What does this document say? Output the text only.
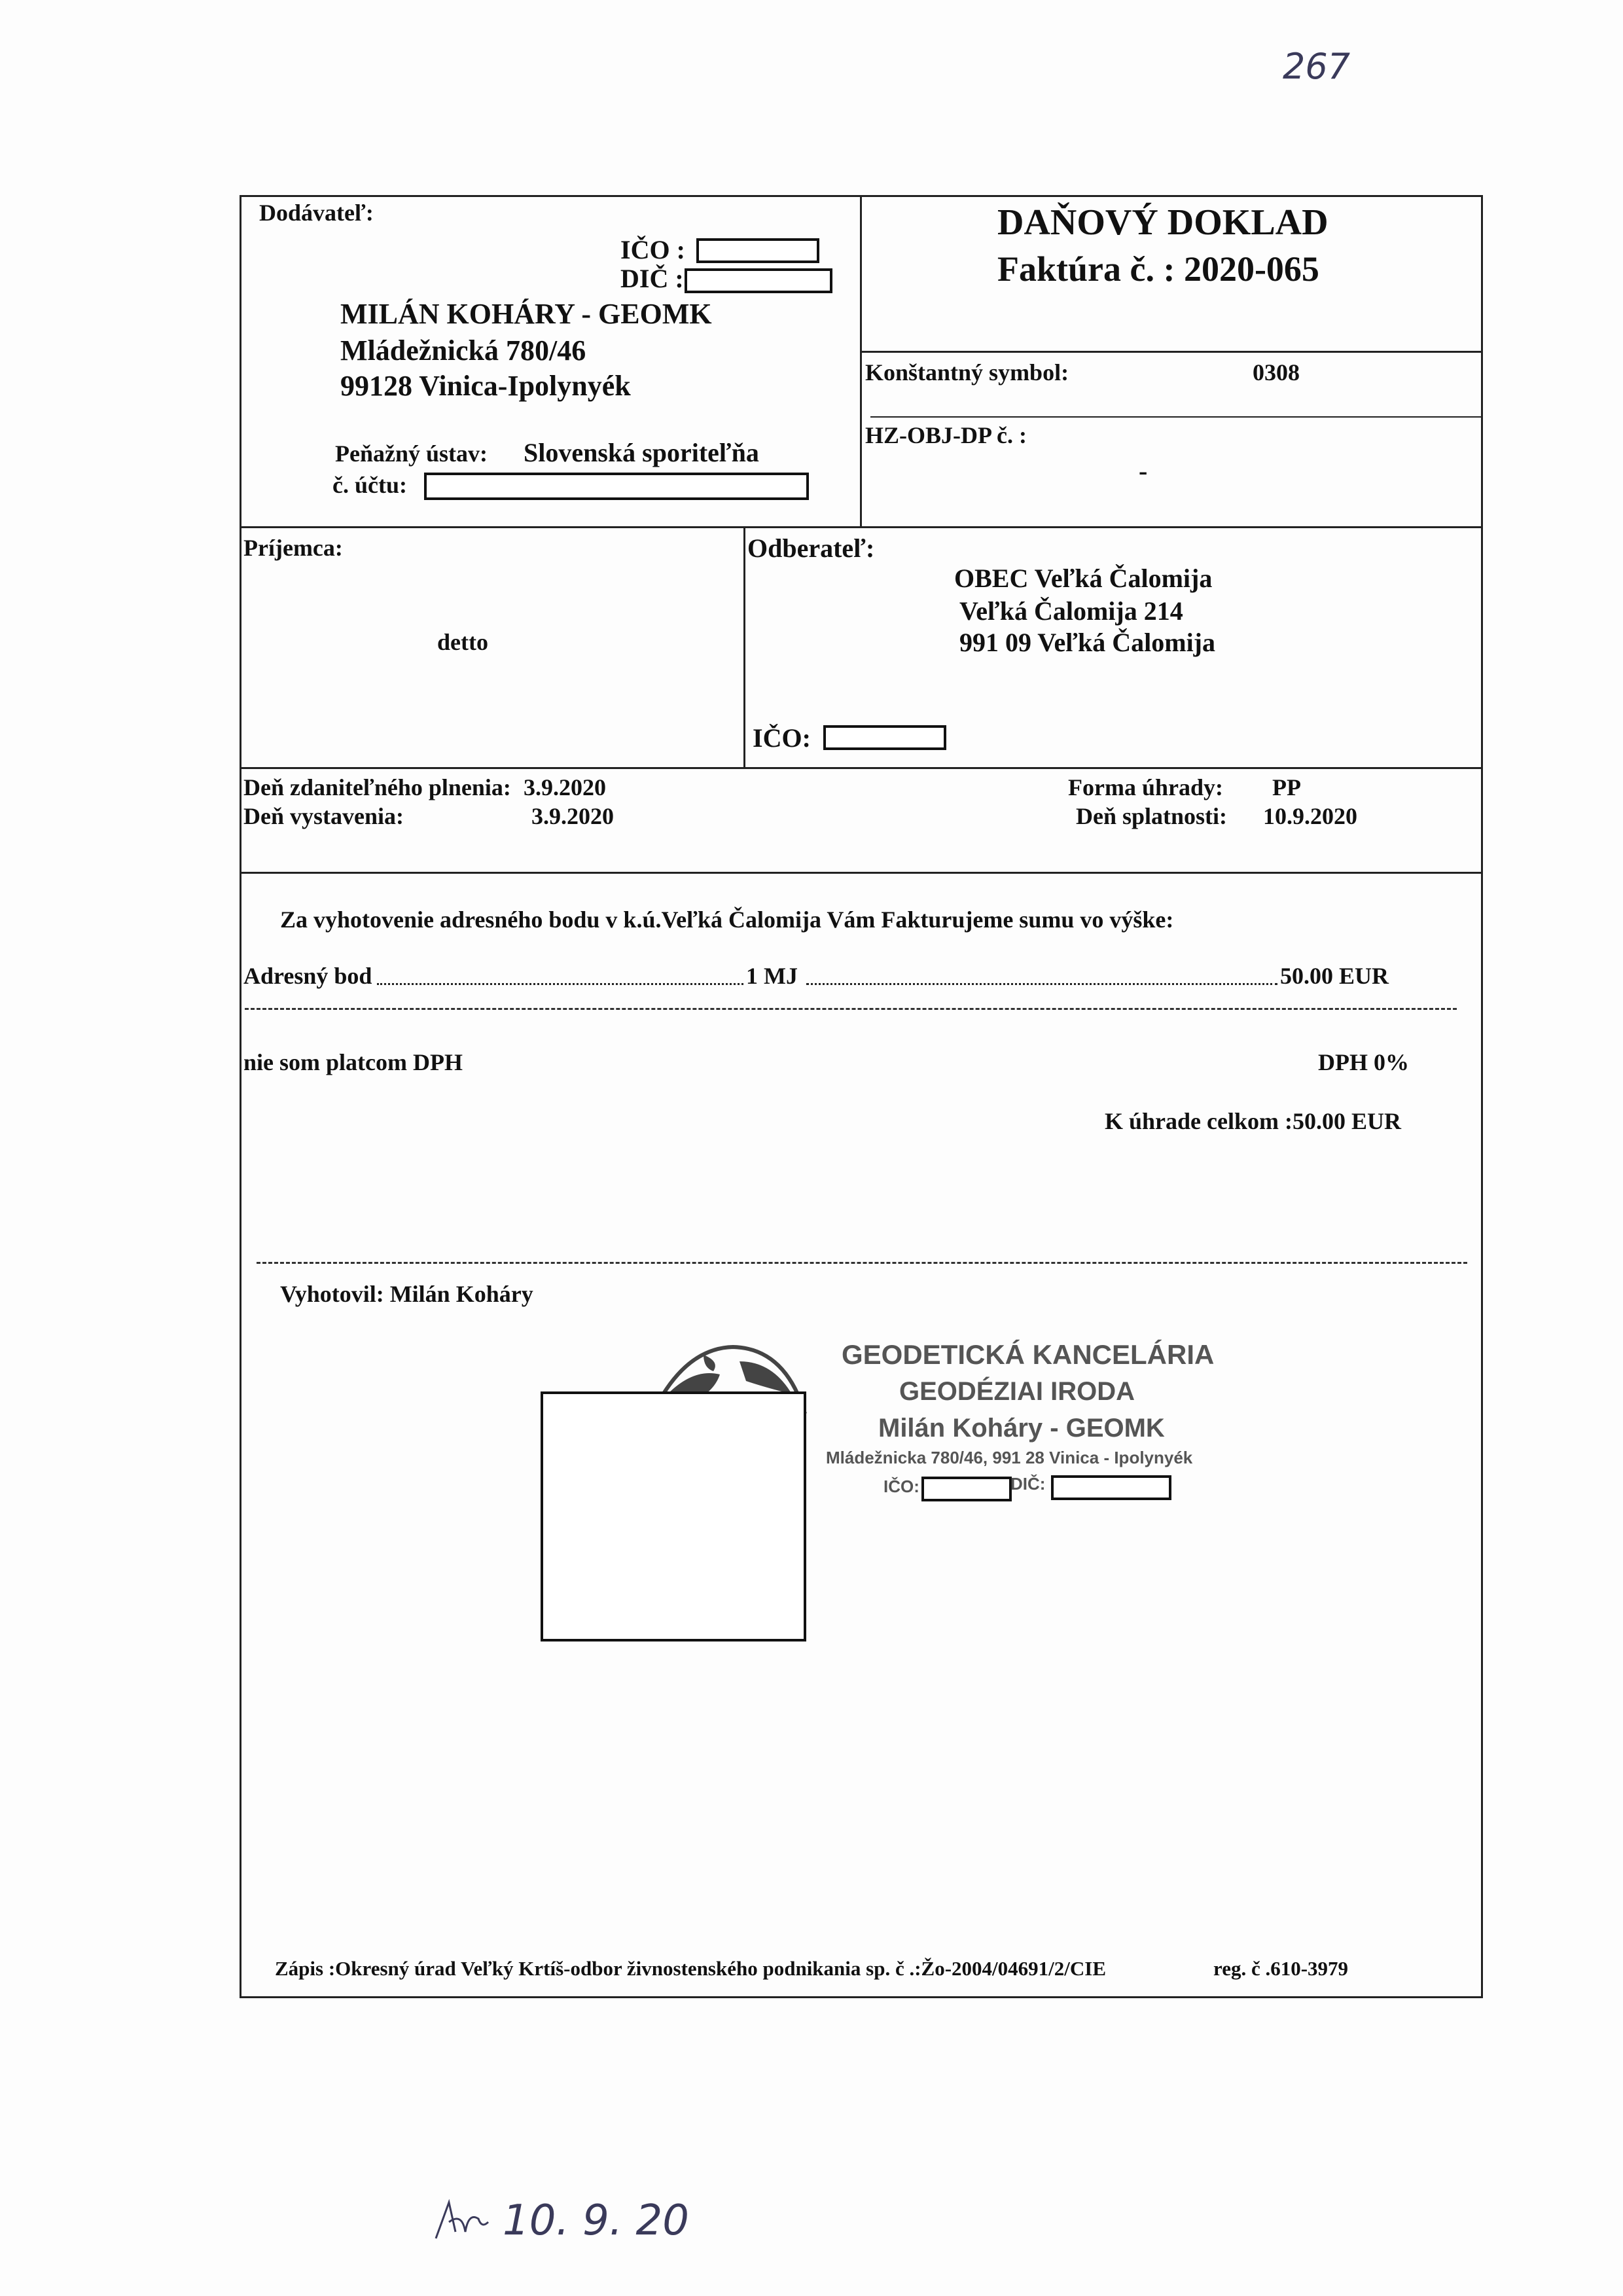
267
Dodávateľ:
IČO :
DIČ :
MILÁN KOHÁRY - GEOMK
Mládežnická 780/46
99128 Vinica-Ipolynyék
Peňažný ústav: Slovenská sporiteľňa
č. účtu:
DAŇOVÝ DOKLAD
Faktúra č. : 2020-065
Konštantný symbol:	0308
HZ-OBJ-DP č. :
-
Príjemca:
detto
Odberateľ:
OBEC Veľká Čalomija
Veľká Čalomija 214
991 09 Veľká Čalomija
IČO:
Deň zdaniteľného plnenia: 3.9.2020
Deň vystavenia:	3.9.2020
Forma úhrady: PP
Deň splatnosti: 10.9.2020
Za vyhotovenie adresného bodu v k.ú.Veľká Čalomija Vám Fakturujeme sumu vo výške:
Adresný bod	1 MJ	50.00 EUR
nie som platcom DPH	DPH 0%
K úhrade celkom :50.00 EUR
Vyhotovil: Milán Koháry
GEODETICKÁ KANCELÁRIA
GEODÉZIAI IRODA
Milán Koháry - GEOMK
Mládežnicka 780/46, 991 28 Vinica - Ipolynyék
IČO:	DIČ:
Zápis :Okresný úrad Veľký Krtíš-odbor živnostenského podnikania sp. č .:Žo-2004/04691/2/CIE	reg. č .610-3979
10. 9. 20
